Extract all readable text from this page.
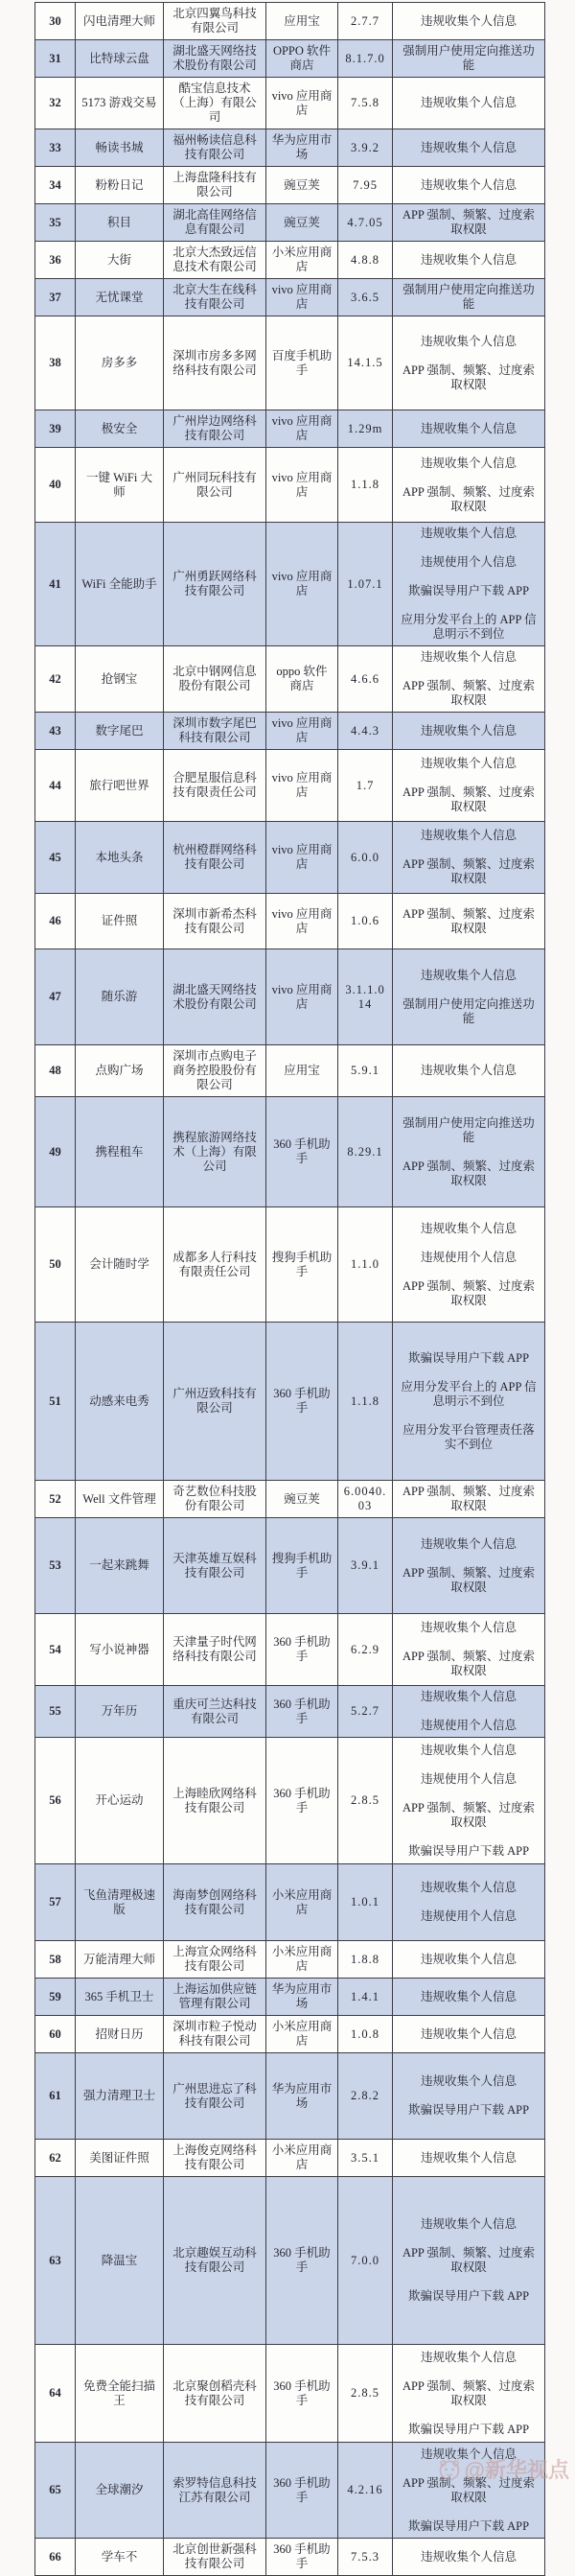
30	闪电清理大师	北京四翼鸟科技有限公司	应用宝	2.7.7	违规收集个人信息

31	比特球云盘	湖北盛天网络技术股份有限公司	OPPO 软件商店	8.1.7.0	强制用户使用定向推送功能

32	5173 游戏交易	酷宝信息技术（上海）有限公司	vivo 应用商店	7.5.8	违规收集个人信息

33	畅读书城	福州畅读信息科技有限公司	华为应用市场	3.9.2	违规收集个人信息

34	粉粉日记	上海盘隆科技有限公司	豌豆荚	7.95	违规收集个人信息

35	积目	湖北高佳网络信息有限公司	豌豆荚	4.7.05	APP 强制、频繁、过度索取权限

36	大街	北京大杰致远信息技术有限公司	小米应用商店	4.8.8	违规收集个人信息

37	无忧课堂	北京大生在线科技有限公司	vivo 应用商店	3.6.5	强制用户使用定向推送功能

38	房多多	深圳市房多多网络科技有限公司	百度手机助手	14.1.5	违规收集个人信息
APP 强制、频繁、过度索取权限

39	极安全	广州岸边网络科技有限公司	vivo 应用商店	1.29m	违规收集个人信息

40	一键 WiFi 大师	广州同玩科技有限公司	vivo 应用商店	1.1.8	违规收集个人信息
APP 强制、频繁、过度索取权限

41	WiFi 全能助手	广州勇跃网络科技有限公司	vivo 应用商店	1.07.1	违规收集个人信息
违规使用个人信息
欺骗误导用户下载 APP
应用分发平台上的 APP 信息明示不到位

42	抢钢宝	北京中钢网信息股份有限公司	oppo 软件商店	4.6.6	违规收集个人信息
APP 强制、频繁、过度索取权限

43	数字尾巴	深圳市数字尾巴科技有限公司	vivo 应用商店	4.4.3	违规收集个人信息

44	旅行吧世界	合肥星服信息科技有限责任公司	vivo 应用商店	1.7	违规收集个人信息
APP 强制、频繁、过度索取权限

45	本地头条	杭州橙群网络科技有限公司	vivo 应用商店	6.0.0	违规收集个人信息
APP 强制、频繁、过度索取权限

46	证件照	深圳市新希杰科技有限公司	vivo 应用商店	1.0.6	APP 强制、频繁、过度索取权限

47	随乐游	湖北盛天网络技术股份有限公司	vivo 应用商店	3.1.1.014	违规收集个人信息
强制用户使用定向推送功能

48	点购广场	深圳市点购电子商务控股股份有限公司	应用宝	5.9.1	违规收集个人信息

49	携程租车	携程旅游网络技术（上海）有限公司	360 手机助手	8.29.1	强制用户使用定向推送功能
APP 强制、频繁、过度索取权限

50	会计随时学	成都多人行科技有限责任公司	搜狗手机助手	1.1.0	违规收集个人信息
违规使用个人信息
APP 强制、频繁、过度索取权限

51	动感来电秀	广州迈致科技有限公司	360 手机助手	1.1.8	欺骗误导用户下载 APP
应用分发平台上的 APP 信息明示不到位
应用分发平台管理责任落实不到位

52	Well 文件管理	奇艺数位科技股份有限公司	豌豆荚	6.0040.03	APP 强制、频繁、过度索取权限

53	一起来跳舞	天津英雄互娱科技有限公司	搜狗手机助手	3.9.1	违规收集个人信息
APP 强制、频繁、过度索取权限

54	写小说神器	天津量子时代网络科技有限公司	360 手机助手	6.2.9	违规收集个人信息
APP 强制、频繁、过度索取权限

55	万年历	重庆可兰达科技有限公司	360 手机助手	5.2.7	违规收集个人信息
违规使用个人信息

56	开心运动	上海睦欣网络科技有限公司	360 手机助手	2.8.5	违规收集个人信息
违规使用个人信息
APP 强制、频繁、过度索取权限
欺骗误导用户下载 APP

57	飞鱼清理极速版	海南梦创网络科技有限公司	小米应用商店	1.0.1	违规收集个人信息
违规使用个人信息

58	万能清理大师	上海宣众网络科技有限公司	小米应用商店	1.8.8	违规收集个人信息

59	365 手机卫士	上海运加供应链管理有限公司	华为应用市场	1.4.1	违规收集个人信息

60	招财日历	深圳市粒子悦动科技有限公司	小米应用商店	1.0.8	违规收集个人信息

61	强力清理卫士	广州思进忘了科技有限公司	华为应用市场	2.8.2	违规收集个人信息
欺骗误导用户下载 APP

62	美图证件照	上海俊克网络科技有限公司	小米应用商店	3.5.1	违规收集个人信息

63	降温宝	北京趣娱互动科技有限公司	360 手机助手	7.0.0	违规收集个人信息
APP 强制、频繁、过度索取权限
欺骗误导用户下载 APP

64	免费全能扫描王	北京聚创稻壳科技有限公司	360 手机助手	2.8.5	违规收集个人信息
APP 强制、频繁、过度索取权限
欺骗误导用户下载 APP

65	全球潮汐	索罗特信息科技江苏有限公司	360 手机助手	4.2.16	违规收集个人信息
APP 强制、频繁、过度索取权限
欺骗误导用户下载 APP

66	学车不	北京创世新强科技有限公司	360 手机助手	7.5.3	违规收集个人信息
@新华视点
